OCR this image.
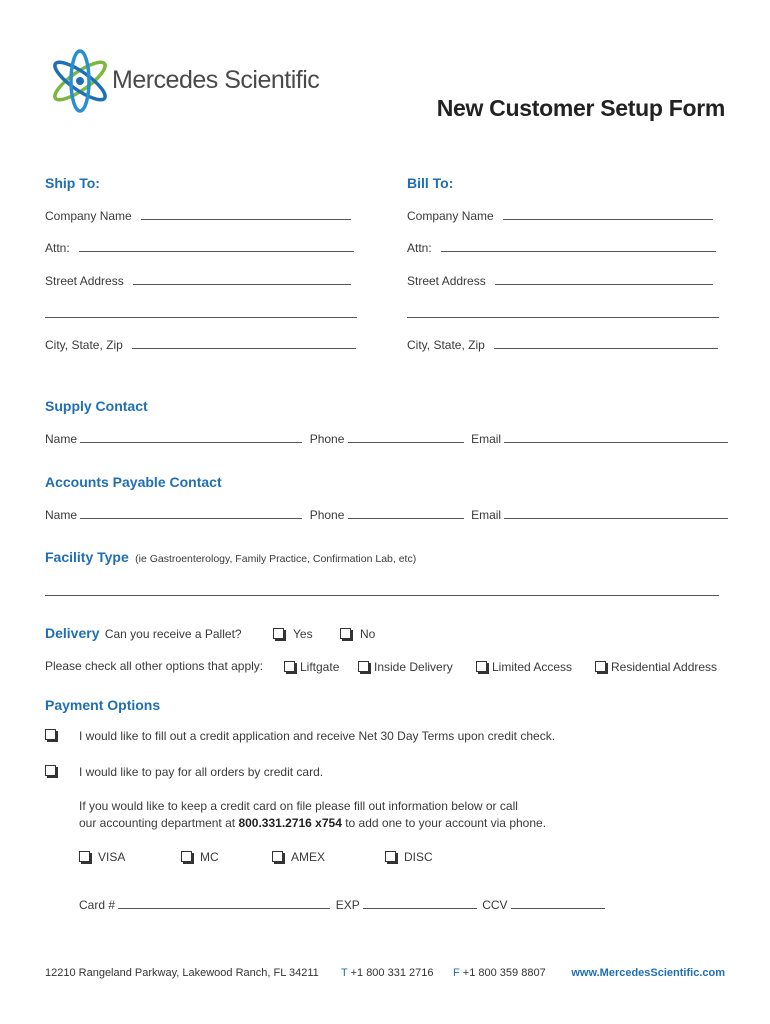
Mercedes Scientific
New Customer Setup Form
Ship To:
Company Name
Attn:
Street Address
City, State, Zip
Bill To:
Company Name
Attn:
Street Address
City, State, Zip
Supply Contact
Name	Phone	Email
Accounts Payable Contact
Name	Phone	Email
Facility Type (ie Gastroenterology, Family Practice, Confirmation Lab, etc)
Delivery Can you receive a Pallet?	Yes	No
Please check all other options that apply:	Liftgate	Inside Delivery	Limited Access	Residential Address
Payment Options
I would like to fill out a credit application and receive Net 30 Day Terms upon credit check.
I would like to pay for all orders by credit card.
If you would like to keep a credit card on file please fill out information below or call
our accounting department at 800.331.2716 x754 to add one to your account via phone.
VISA	MC	AMEX	DISC
Card #	EXP	CCV
12210 Rangeland Parkway, Lakewood Ranch, FL 34211 T +1 800 331 2716 F +1 800 359 8807 www.MercedesScientific.com
